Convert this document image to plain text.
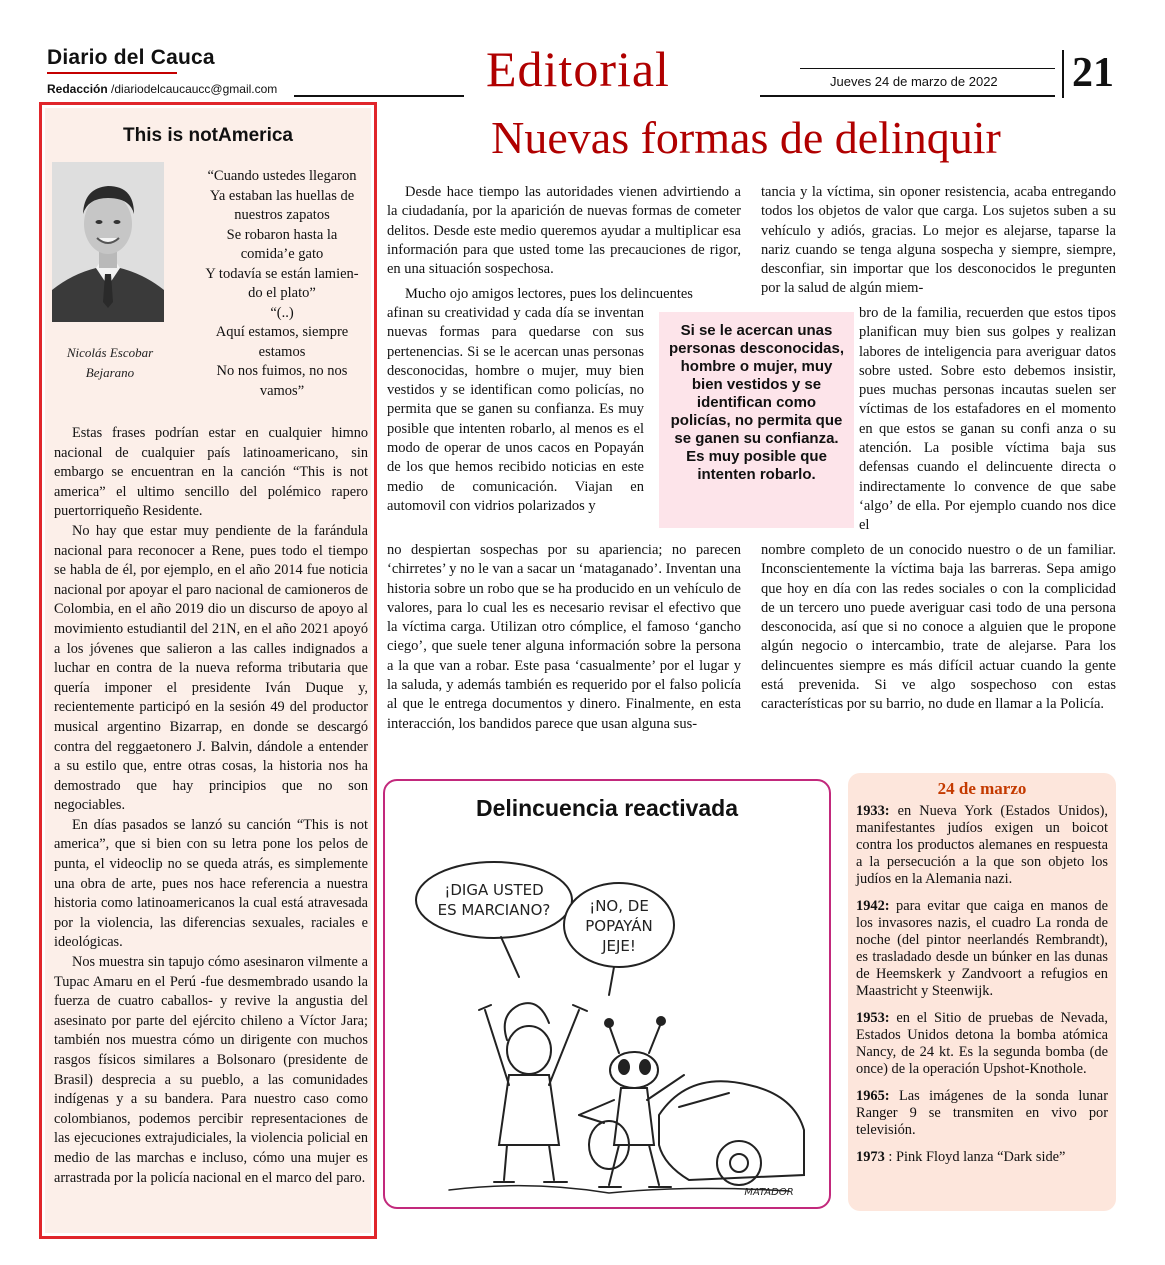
Diario del Cauca
Redacción /diariodelcaucaucc@gmail.com	Editorial	Jueves 24 de marzo de 2022 21
This is notAmerica
Nicolás Escobar
Bejarano
“Cuando ustedes llegaron
Ya estaban las huellas de
nuestros zapatos
Se robaron hasta la
comida’e gato
Y todavía se están lamien-
do el plato”
“(..)
Aquí estamos, siempre
estamos
No nos fuimos, no nos
vamos”

Estas frases podrían estar en cualquier himno nacional de cualquier país latinoamericano, sin embargo se encuentran en la canción “This is not america” el ultimo sencillo del polémico rapero puertorriqueño Residente.

No hay que estar muy pendiente de la farándula nacional para reconocer a Rene, pues todo el tiempo se habla de él, por ejemplo, en el año 2014 fue noticia nacional por apoyar el paro nacional de camioneros de Colombia, en el año 2019 dio un discurso de apoyo al movimiento estudiantil del 21N, en el año 2021 apoyó a los jóvenes que salieron a las calles indignados a luchar en contra de la nueva reforma tributaria que quería imponer el presidente Iván Duque y, recientemente participó en la sesión 49 del productor musical argentino Bizarrap, en donde se descargó contra del reggaetonero J. Balvin, dándole a entender a su estilo que, entre otras cosas, la historia nos ha demostrado que hay principios que no son negociables.

En días pasados se lanzó su canción “This is not america”, que si bien con su letra pone los pelos de punta, el videoclip no se queda atrás, es simplemente una obra de arte, pues nos hace referencia a nuestra historia como latinoamericanos la cual está atravesada por la violencia, las diferencias sexuales, raciales e ideológicas.

Nos muestra sin tapujo cómo asesinaron vilmente a Tupac Amaru en el Perú -fue desmembrado usando la fuerza de cuatro caballos- y revive la angustia del asesinato por parte del ejército chileno a Víctor Jara; también nos muestra cómo un dirigente con muchos rasgos físicos similares a Bolsonaro (presidente de Brasil) desprecia a su pueblo, a las comunidades indígenas y a su bandera. Para nuestro caso como colombianos, podemos percibir representaciones de las ejecuciones extrajudiciales, la violencia policial en medio de las marchas e incluso, cómo una mujer es arrastrada por la policía nacional en el marco del paro.

Nuevas formas de delinquir

Desde hace tiempo las autoridades vienen advirtiendo a la ciudadanía, por la aparición de nuevas formas de cometer delitos. Desde este medio queremos ayudar a multiplicar esa información para que usted tome las precauciones de rigor, en una situación sospechosa.

Mucho ojo amigos lectores, pues los delincuentes

afinan su creatividad y cada día se inventan nuevas formas para quedarse con sus pertenencias. Si se le acercan unas personas desconocidas, hombre o mujer, muy bien vestidos y se identifican como policías, no permita que se ganen su confianza. Es muy posible que intenten robarlo, al menos es el modo de operar de unos cacos en Popayán de los que hemos recibido noticias en este medio de comunicación. Viajan en automovil con vidrios polarizados y

no despiertan sospechas por su apariencia; no parecen ‘chirretes’ y no le van a sacar un ‘mataganado’. Inventan una historia sobre un robo que se ha producido en un vehículo de valores, para lo cual les es necesario revisar el efectivo que la víctima carga. Utilizan otro cómplice, el famoso ‘gancho ciego’, que suele tener alguna información sobre la persona a la que van a robar. Este pasa ‘casualmente’ por el lugar y la saluda, y además también es requerido por el falso policía al que le entrega documentos y dinero. Finalmente, en esta interacción, los bandidos parece que usan alguna sus-

tancia y la víctima, sin oponer resistencia, acaba entregando todos los objetos de valor que carga. Los sujetos suben a su vehículo y adiós, gracias. Lo mejor es alejarse, taparse la nariz cuando se tenga alguna sospecha y siempre, siempre, desconfiar, sin importar que los desconocidos le pregunten por la salud de algún miem-

bro de la familia, recuerden que estos tipos planifican muy bien sus golpes y realizan labores de inteligencia para averiguar datos sobre usted. Sobre esto debemos insistir, pues muchas personas incautas suelen ser víctimas de los estafadores en el momento en que estos se ganan su confi anza o su atención. La posible víctima baja sus defensas cuando el delincuente directa o indirectamente lo convence de que sabe ‘algo’ de ella. Por ejemplo cuando nos dice el

nombre completo de un conocido nuestro o de un familiar. Inconscientemente la víctima baja las barreras. Sepa amigo que hoy en día con las redes sociales o con la complicidad de un tercero uno puede averiguar casi todo de una persona desconocida, así que si no conoce a alguien que le propone algún negocio o intercambio, trate de alejarse. Para los delincuentes siempre es más difícil actuar cuando la gente está prevenida. Si ve algo sospechoso con estas características por su barrio, no dude en llamar a la Policía.

Si se le acercan unas personas desconocidas, hombre o mujer, muy bien vestidos y se identifican como policías, no permita que se ganen su confianza. Es muy posible que intenten robarlo.
Delincuencia reactivada
¡DIGA USTED
ES MARCIANO?	¡NO, DE
POPAYÁN
JEJE!
MATADOR
24 de marzo
1933: en Nueva York (Estados Unidos), manifestantes judíos exigen un boicot contra los productos alemanes en respuesta a la persecución a la que son objeto los judíos en la Alemania nazi.
1942: para evitar que caiga en manos de los invasores nazis, el cuadro La ronda de noche (del pintor neerlandés Rembrandt), es trasladado desde un búnker en las dunas de Heemskerk y Zandvoort a refugios en Maastricht y Steenwijk.
1953: en el Sitio de pruebas de Nevada, Estados Unidos detona la bomba atómica Nancy, de 24 kt. Es la segunda bomba (de once) de la operación Upshot-Knothole.
1965: Las imágenes de la sonda lunar Ranger 9 se transmiten en vivo por televisión.
1973 : Pink Floyd lanza “Dark side”
